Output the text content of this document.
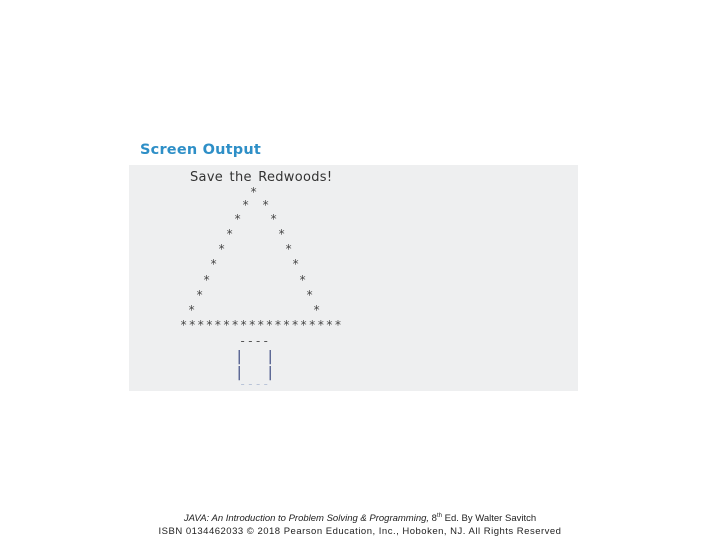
Screen Output
Save the Redwoods!
*
*
*
*
*
*
*
*
*
*
*
*
*
*
*
*
*
*******************
----
| |
| |
----
JAVA: An Introduction to Problem Solving & Programming, 8th Ed. By Walter Savitch
ISBN 0134462033 © 2018 Pearson Education, Inc., Hoboken, NJ. All Rights Reserved
